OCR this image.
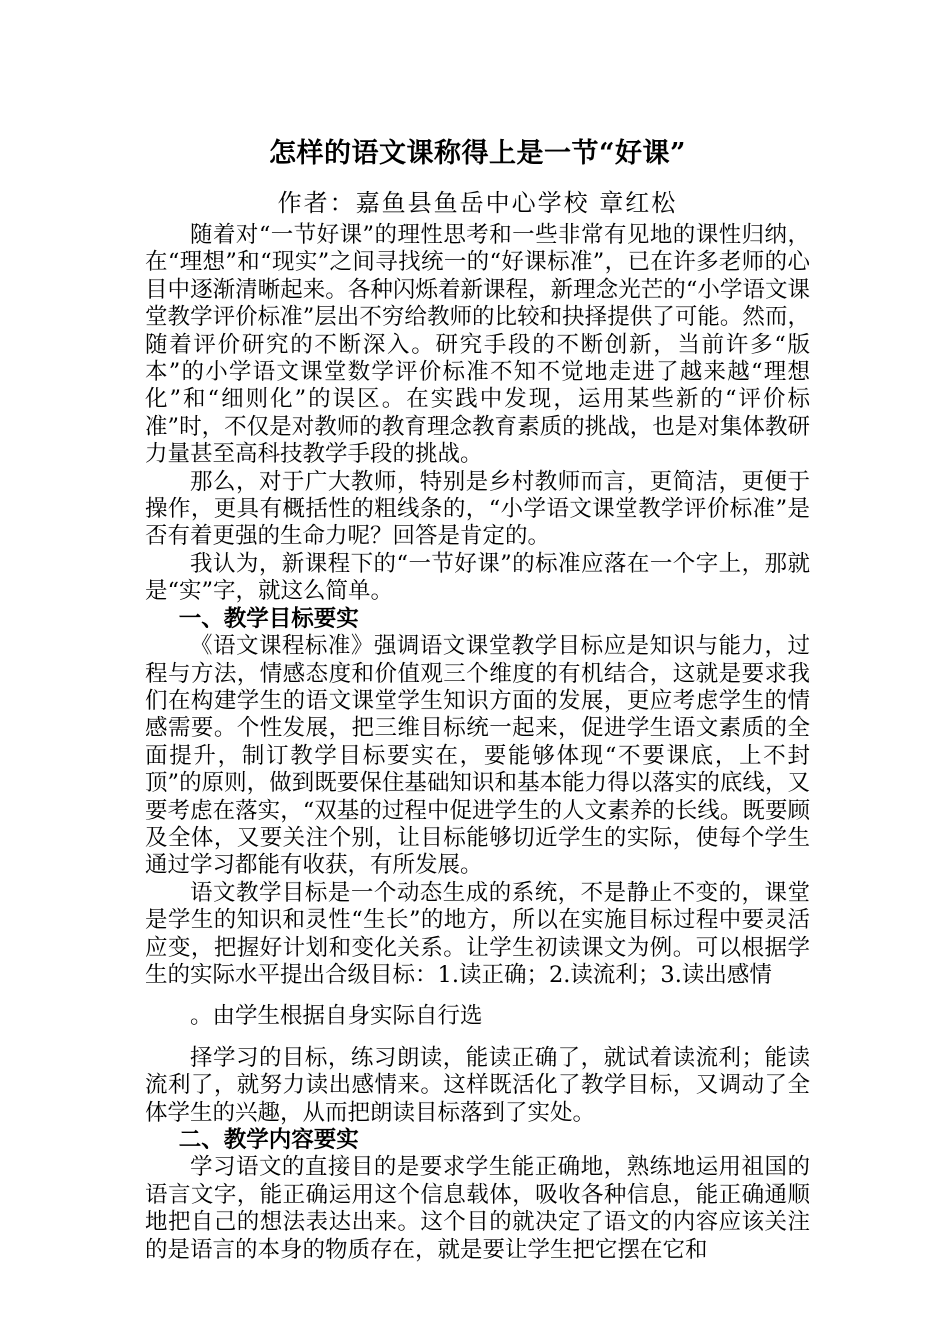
怎样的语文课称得上是一节“好课”
作者：嘉鱼县鱼岳中心学校 章红松

随着对“一节好课”的理性思考和一些非常有见地的课性归纳，在“理想”和“现实”之间寻找统一的“好课标准”，已在许多老师的心目中逐渐清晰起来。各种闪烁着新课程，新理念光芒的“小学语文课堂教学评价标准”层出不穷给教师的比较和抉择提供了可能。然而，随着评价研究的不断深入。研究手段的不断创新，当前许多“版本”的小学语文课堂数学评价标准不知不觉地走进了越来越“理想化”和“细则化”的误区。在实践中发现，运用某些新的“评价标准”时，不仅是对教师的教育理念教育素质的挑战，也是对集体教研力量甚至高科技教学手段的挑战。

那么，对于广大教师，特别是乡村教师而言，更简洁，更便于操作，更具有概括性的粗线条的，“小学语文课堂教学评价标准”是否有着更强的生命力呢？回答是肯定的。

我认为，新课程下的“一节好课”的标准应落在一个字上，那就是“实”字，就这么简单。

一、教学目标要实

《语文课程标准》强调语文课堂教学目标应是知识与能力，过程与方法，情感态度和价值观三个维度的有机结合，这就是要求我们在构建学生的语文课堂学生知识方面的发展，更应考虑学生的情感需要。个性发展，把三维目标统一起来，促进学生语文素质的全面提升，制订教学目标要实在，要能够体现“不要课底，上不封顶”的原则，做到既要保住基础知识和基本能力得以落实的底线，又要考虑在落实，“双基的过程中促进学生的人文素养的长线。既要顾及全体，又要关注个别，让目标能够切近学生的实际，使每个学生通过学习都能有收获，有所发展。

语文教学目标是一个动态生成的系统，不是静止不变的，课堂是学生的知识和灵性“生长”的地方，所以在实施目标过程中要灵活应变，把握好计划和变化关系。让学生初读课文为例。可以根据学生的实际水平提出合级目标：1.读正确；2.读流利；3.读出感情

。由学生根据自身实际自行选

择学习的目标，练习朗读，能读正确了，就试着读流利；能读流利了，就努力读出感情来。这样既活化了教学目标，又调动了全体学生的兴趣，从而把朗读目标落到了实处。

二、教学内容要实

学习语文的直接目的是要求学生能正确地，熟练地运用祖国的语言文字，能正确运用这个信息载体，吸收各种信息，能正确通顺地把自己的想法表达出来。这个目的就决定了语文的内容应该关注的是语言的本身的物质存在，就是要让学生把它摆在它和
